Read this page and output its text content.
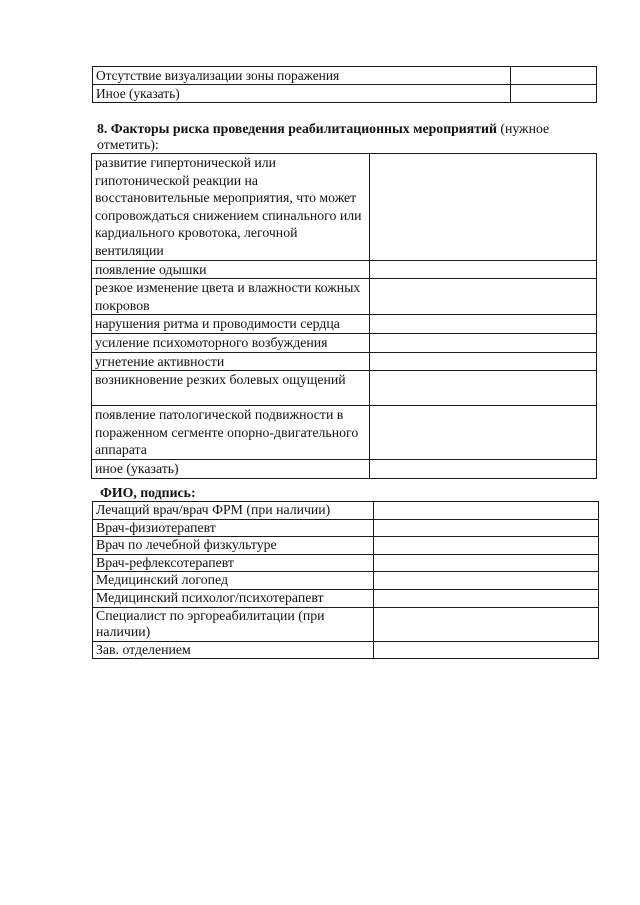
Отсутствие визуализации зоны поражения	
Иное (указать)	
8. Факторы риска проведения реабилитационных мероприятий (нужное отметить):
развитие гипертонической или гипотонической реакции на восстановительные мероприятия, что может сопровождаться снижением спинального или кардиального кровотока, легочной вентиляции	
появление одышки	
резкое изменение цвета и влажности кожных покровов	
нарушения ритма и проводимости сердца	
усиление психомоторного возбуждения	
угнетение активности	
возникновение резких болевых ощущений	
появление патологической подвижности в пораженном сегменте опорно-двигательного аппарата	
иное (указать)	
ФИО, подпись:
Лечащий врач/врач ФРМ (при наличии)	
Врач-физиотерапевт	
Врач по лечебной физкультуре	
Врач-рефлексотерапевт	
Медицинский логопед	
Медицинский психолог/психотерапевт	
Специалист по эргореабилитации (при наличии)	
Зав. отделением	
